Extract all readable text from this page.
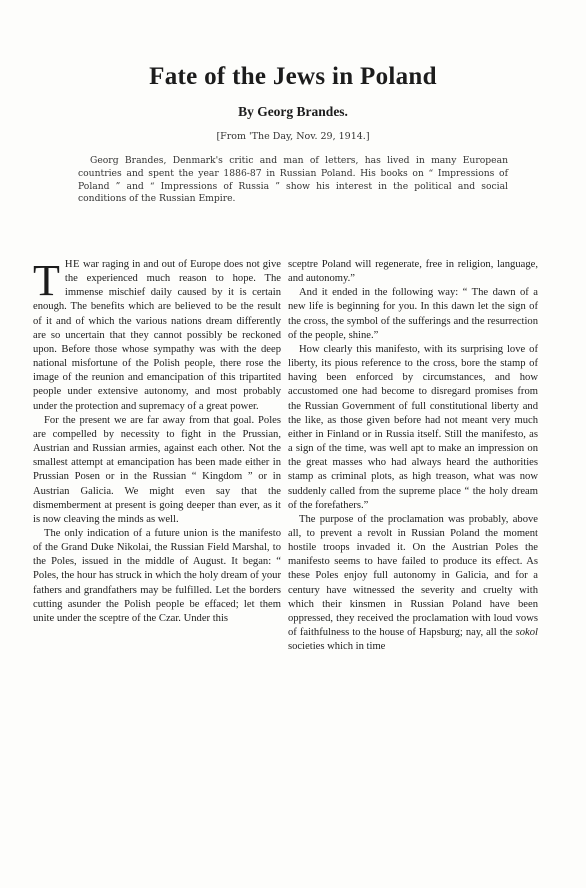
Fate of the Jews in Poland
By Georg Brandes.
[From 'The Day, Nov. 29, 1914.]
Georg Brandes, Denmark's critic and man of letters, has lived in many European countries and spent the year 1886-87 in Russian Poland. His books on “ Impressions of Poland ” and “ Impressions of Russia ” show his interest in the political and social conditions of the Russian Empire.

THE war raging in and out of Europe does not give the experienced much reason to hope. The immense mischief daily caused by it is certain enough. The benefits which are believed to be the result of it and of which the various nations dream differently are so uncertain that they cannot possibly be reckoned upon. Before those whose sympathy was with the deep national misfortune of the Polish people, there rose the image of the reunion and emancipation of this tripartited people under extensive autonomy, and most probably under the protection and supremacy of a great power.

For the present we are far away from that goal. Poles are compelled by necessity to fight in the Prussian, Austrian and Russian armies, against each other. Not the smallest attempt at emancipation has been made either in Prussian Posen or in the Russian “ Kingdom ” or in Austrian Galicia. We might even say that the dismemberment at present is going deeper than ever, as it is now cleaving the minds as well.

The only indication of a future union is the manifesto of the Grand Duke Nikolai, the Russian Field Marshal, to the Poles, issued in the middle of August. It began: “ Poles, the hour has struck in which the holy dream of your fathers and grandfathers may be fulfilled. Let the borders cutting asunder the Polish people be effaced; let them unite under the sceptre of the Czar. Under this

sceptre Poland will regenerate, free in religion, language, and autonomy.”

And it ended in the following way: “ The dawn of a new life is beginning for you. In this dawn let the sign of the cross, the symbol of the sufferings and the resurrection of the people, shine.”

How clearly this manifesto, with its surprising love of liberty, its pious reference to the cross, bore the stamp of having been enforced by circumstances, and how accustomed one had become to disregard promises from the Russian Government of full constitutional liberty and the like, as those given before had not meant very much either in Finland or in Russia itself. Still the manifesto, as a sign of the time, was well apt to make an impression on the great masses who had always heard the authorities stamp as criminal plots, as high treason, what was now suddenly called from the supreme place “ the holy dream of the forefathers.”

The purpose of the proclamation was probably, above all, to prevent a revolt in Russian Poland the moment hostile troops invaded it. On the Austrian Poles the manifesto seems to have failed to produce its effect. As these Poles enjoy full autonomy in Galicia, and for a century have witnessed the severity and cruelty with which their kinsmen in Russian Poland have been oppressed, they received the proclamation with loud vows of faithfulness to the house of Hapsburg; nay, all the sokol societies which in time
